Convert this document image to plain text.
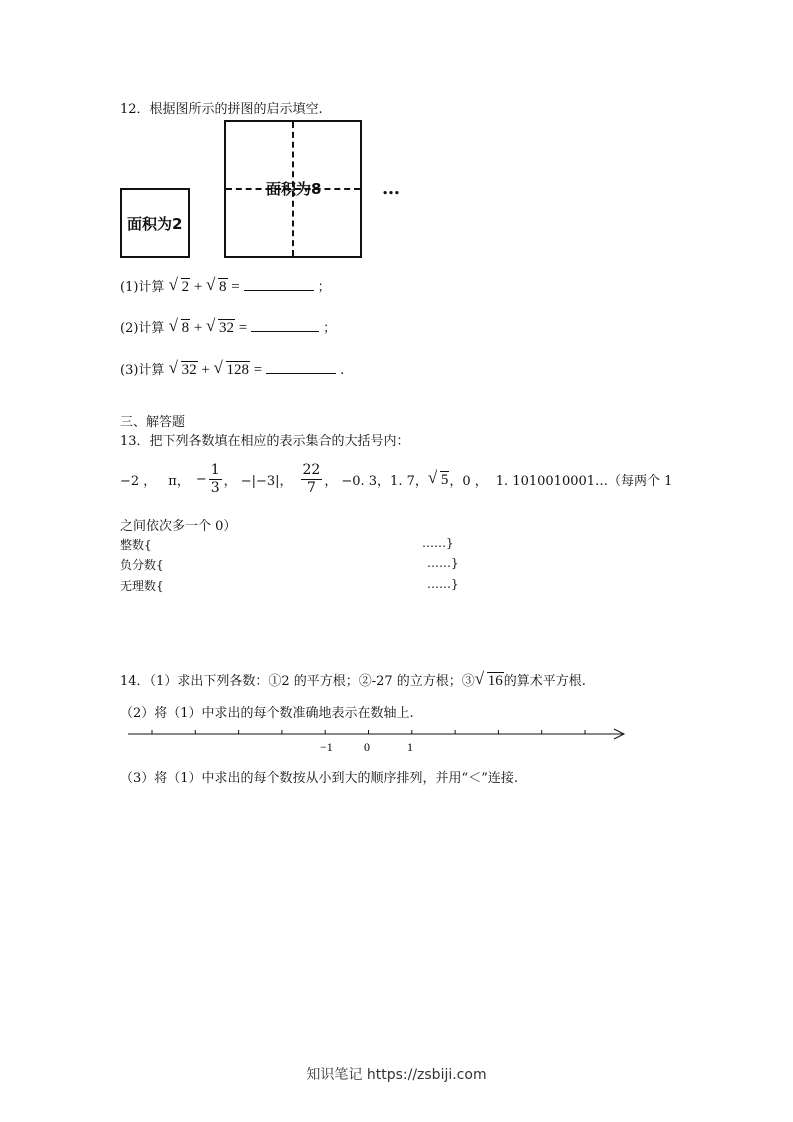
12．根据图所示的拼图的启示填空.
面积为2
面积为8	…
(1)计算 √ 2 + √ 8 =	；
(2)计算 √ 8 + √ 32 =	；
(3)计算 √ 32 + √ 128 =	.
三、解答题
13．把下列各数填在相应的表示集合的大括号内：
−2 ， π， − $\frac{1}{3}$ ， −|−3|， $\frac{22}{7}$ ， −0. 3，1. 7， √ 5 ，0 ， 1. 1010010001…（每两个 1
之间依次多一个 0）
整数{	……}
负分数{	……}
无理数{	……}
14．（1）求出下列各数：①2 的平方根；②-27 的立方根；③ √ 16的算术平方根.
（2）将（1）中求出的每个数准确地表示在数轴上.
−1	0	1
（3）将（1）中求出的每个数按从小到大的顺序排列，并用“＜”连接.
知识笔记 https://zsbiji.com
